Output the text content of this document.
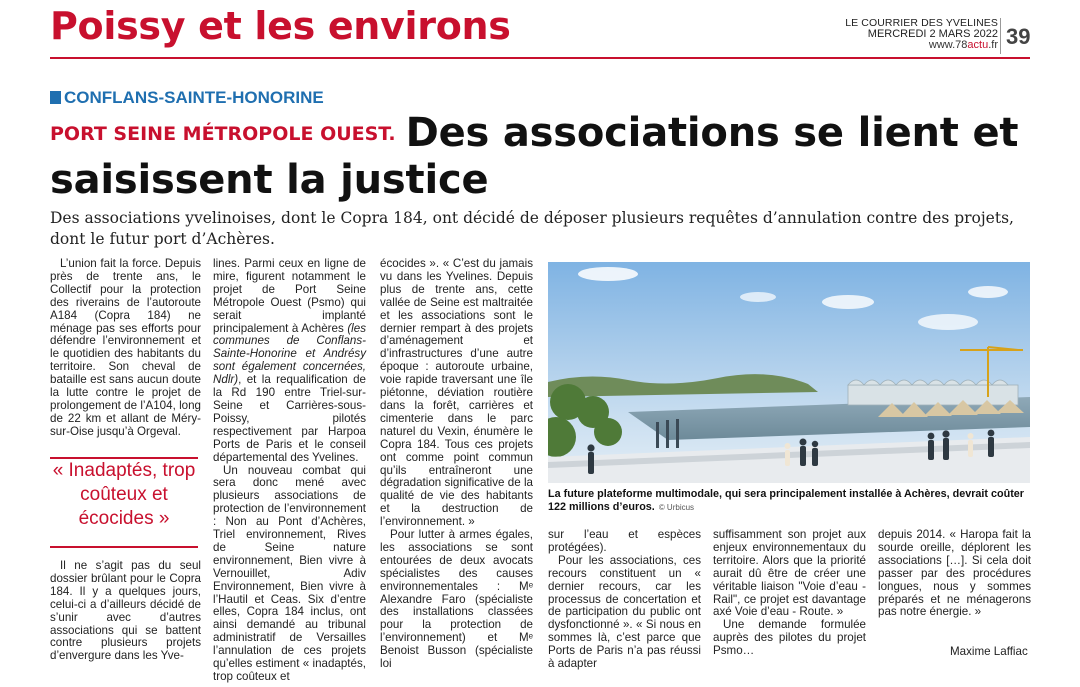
Poissy et les environs	LE COURRIER DES YVELINES
MERCREDI 2 MARS 2022
www.78actu.fr 39
CONFLANS-SAINTE-HONORINE
PORT SEINE MÉTROPOLE OUEST. Des associations se lient et saisissent la justice

Des associations yvelinoises, dont le Copra 184, ont décidé de déposer plusieurs requêtes d’annulation contre des projets, dont le futur port d’Achères.

L’union fait la force. Depuis près de trente ans, le Collectif pour la protection des riverains de l’autoroute A184 (Copra 184) ne ménage pas ses efforts pour défendre l’environnement et le quotidien des habitants du territoire. Son cheval de bataille est sans aucun doute la lutte contre le projet de prolongement de l’A104, long de 22 km et allant de Méry-sur-Oise jusqu’à Orgeval.

« Inadaptés, trop coûteux et écocides »

Il ne s’agit pas du seul dossier brûlant pour le Copra 184. Il y a quelques jours, celui-ci a d’ailleurs décidé de s’unir avec d’autres associations qui se battent contre plusieurs projets d’envergure dans les Yve-

lines. Parmi ceux en ligne de mire, figurent notamment le projet de Port Seine Métropole Ouest (Psmo) qui serait implanté principalement à Achères (les communes de Conflans-Sainte-Honorine et Andrésy sont également concernées, Ndlr), et la requalification de la Rd 190 entre Triel-sur-Seine et Carrières-sous-Poissy, pilotés respectivement par Harpoa Ports de Paris et le conseil départemental des Yvelines.

Un nouveau combat qui sera donc mené avec plusieurs associations de protection de l’environnement : Non au Pont d’Achères, Triel environnement, Rives de Seine nature environnement, Bien vivre à Vernouillet, Adiv Environnement, Bien vivre à l’Hautil et Ceas. Six d’entre elles, Copra 184 inclus, ont ainsi demandé au tribunal administratif de Versailles l’annulation de ces projets qu’elles estiment « inadaptés, trop coûteux et

écocides ». « C’est du jamais vu dans les Yvelines. Depuis plus de trente ans, cette vallée de Seine est maltraitée et les associations sont le dernier rempart à des projets d’aménagement et d’infrastructures d’une autre époque : autoroute urbaine, voie rapide traversant une île piétonne, déviation routière dans la forêt, carrières et cimenterie dans le parc naturel du Vexin, énumère le Copra 184. Tous ces projets ont comme point commun qu’ils entraîneront une dégradation significative de la qualité de vie des habitants et la destruction de l’environnement. »

Pour lutter à armes égales, les associations se sont entourées de deux avocats spécialistes des causes environnementales : Mᵉ Alexandre Faro (spécialiste des installations classées pour la protection de l’environnement) et Mᵉ Benoist Busson (spécialiste loi

La future plateforme multimodale, qui sera principalement installée à Achères, devrait coûter 122 millions d’euros. © Urbicus

sur l’eau et espèces protégées).

Pour les associations, ces recours constituent un « dernier recours, car les processus de concertation et de participation du public ont dysfonctionné ». « Si nous en sommes là, c’est parce que Ports de Paris n’a pas réussi à adapter

suffisamment son projet aux enjeux environnementaux du territoire. Alors que la priorité aurait dû être de créer une véritable liaison "Voie d’eau - Rail", ce projet est davantage axé Voie d’eau - Route. »

Une demande formulée auprès des pilotes du projet Psmo…

depuis 2014. « Haropa fait la sourde oreille, déplorent les associations […]. Si cela doit passer par des procédures longues, nous y sommes préparés et ne ménagerons pas notre énergie. »

Maxime Laffiac
